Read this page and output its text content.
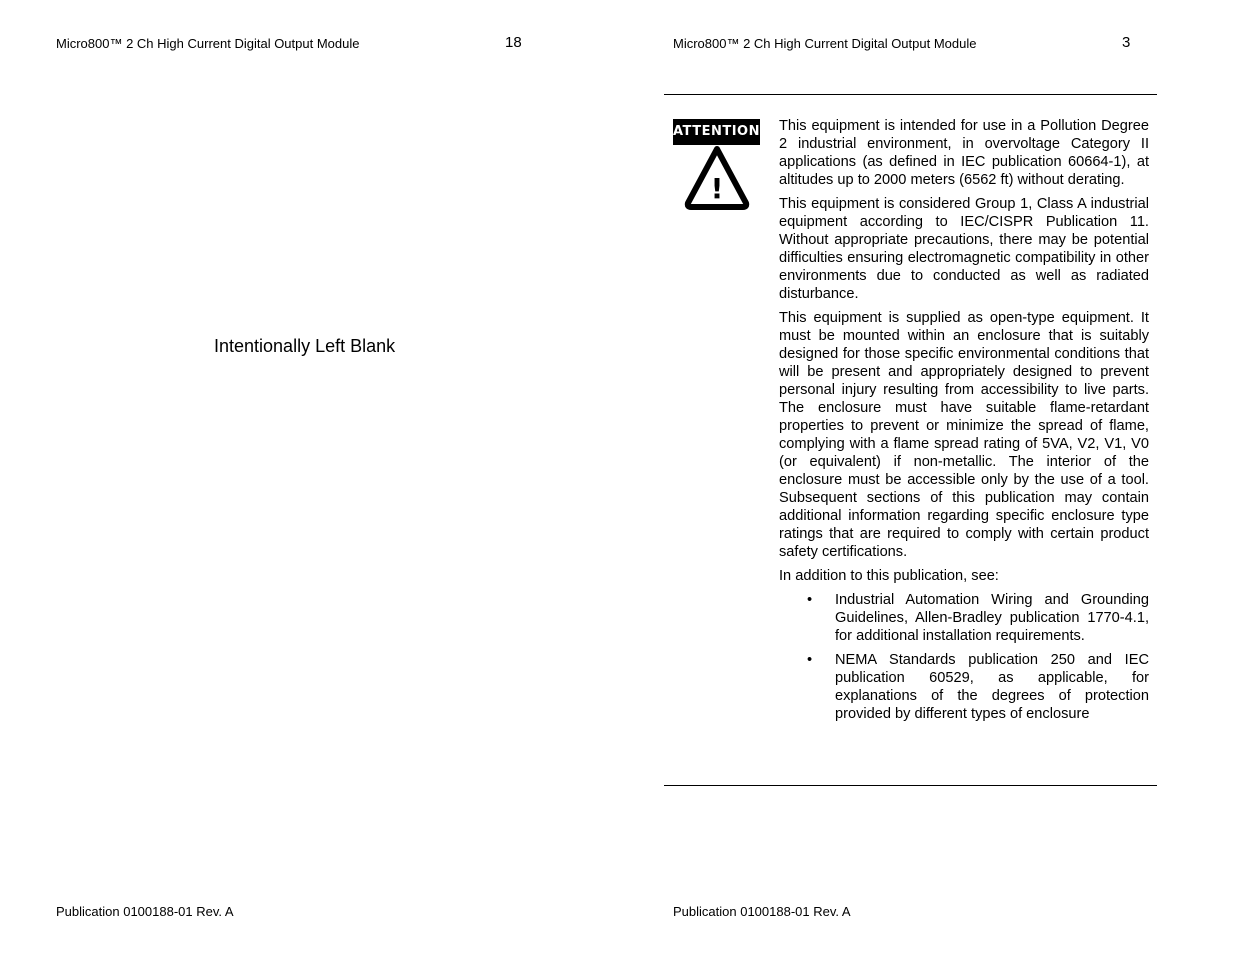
Micro800™ 2 Ch High Current Digital Output Module	18
Intentionally Left Blank
Publication 0100188-01 Rev. A
Micro800™ 2 Ch High Current Digital Output Module	3
ATTENTION
!

This equipment is intended for use in a Pollution Degree 2 industrial environment, in overvoltage Category II applications (as defined in IEC publication 60664-1), at altitudes up to 2000 meters (6562 ft) without derating.

This equipment is considered Group 1, Class A industrial equipment according to IEC/CISPR Publication 11. Without appropriate precautions, there may be potential difficulties ensuring electromagnetic compatibility in other environments due to conducted as well as radiated disturbance.

This equipment is supplied as open-type equipment. It must be mounted within an enclosure that is suitably designed for those specific environmental conditions that will be present and appropriately designed to prevent personal injury resulting from accessibility to live parts. The enclosure must have suitable flame-retardant properties to prevent or minimize the spread of flame, complying with a flame spread rating of 5VA, V2, V1, V0 (or equivalent) if non-metallic. The interior of the enclosure must be accessible only by the use of a tool. Subsequent sections of this publication may contain additional information regarding specific enclosure type ratings that are required to comply with certain product safety certifications.

In addition to this publication, see:

• Industrial Automation Wiring and Grounding Guidelines, Allen-Bradley publication 1770-4.1, for additional installation requirements.
• NEMA Standards publication 250 and IEC publication 60529, as applicable, for explanations of the degrees of protection provided by different types of enclosure
Publication 0100188-01 Rev. A
